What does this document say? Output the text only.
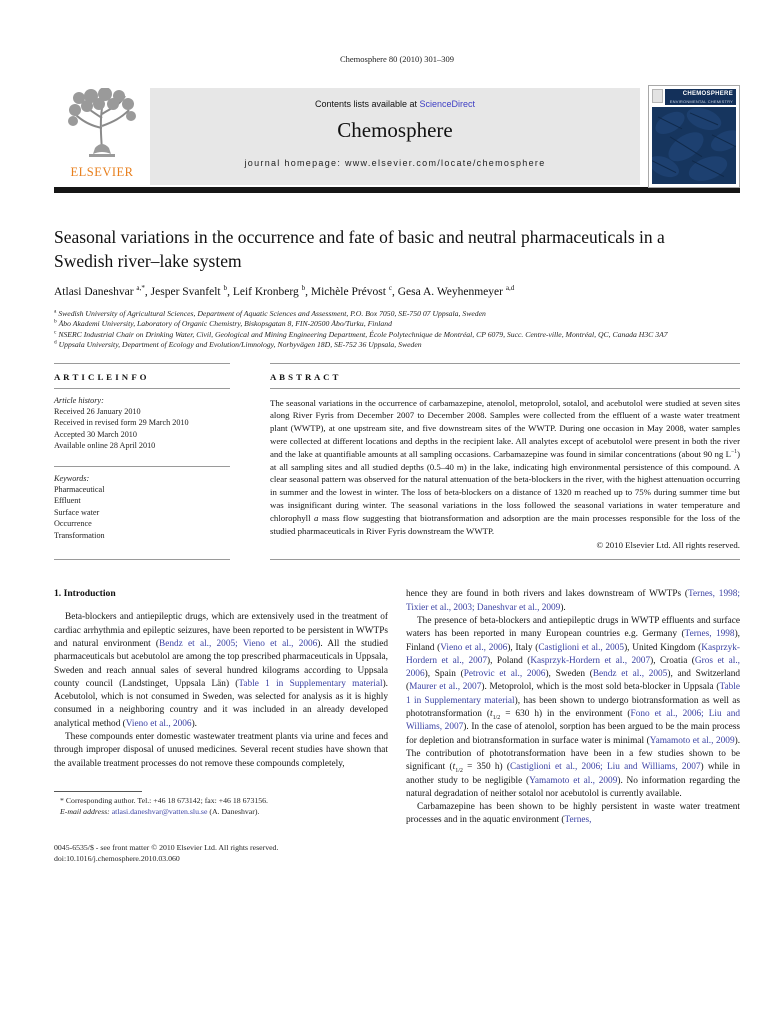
Chemosphere 80 (2010) 301–309
ELSEVIER
Contents lists available at ScienceDirect
Chemosphere
journal homepage: www.elsevier.com/locate/chemosphere
CHEMOSPHERE
ENVIRONMENTAL CHEMISTRY
Seasonal variations in the occurrence and fate of basic and neutral pharmaceuticals in a Swedish river–lake system
Atlasi Daneshvar $^{a,*}$, Jesper Svanfelt $^b$, Leif Kronberg $^b$, Michèle Prévost $^c$, Gesa A. Weyhenmeyer $^{a,d}$
$^a$ Swedish University of Agricultural Sciences, Department of Aquatic Sciences and Assessment, P.O. Box 7050, SE-750 07 Uppsala, Sweden
$^b$ Åbo Akademi University, Laboratory of Organic Chemistry, Biskopsgatan 8, FIN-20500 Åbo/Turku, Finland
$^c$ NSERC Industrial Chair on Drinking Water, Civil, Geological and Mining Engineering Department, École Polytechnique de Montréal, CP 6079, Succ. Centre-ville, Montréal, QC, Canada H3C 3A7
$^d$ Uppsala University, Department of Ecology and Evolution/Limnology, Norbyvägen 18D, SE-752 36 Uppsala, Sweden
A R T I C L E I N F O
Article history:
Received 26 January 2010
Received in revised form 29 March 2010
Accepted 30 March 2010
Available online 28 April 2010
Keywords:
Pharmaceutical
Effluent
Surface water
Occurrence
Transformation
A B S T R A C T
The seasonal variations in the occurrence of carbamazepine, atenolol, metoprolol, sotalol, and acebutolol were studied at seven sites along River Fyris from December 2007 to December 2008. Samples were collected from the effluent of a waste water treatment plant (WWTP), at one upstream site, and five downstream sites of the WWTP. During one occasion in May 2008, water samples were collected at different locations and depths in the recipient lake. All analytes except of acebutolol were present in both the river and the lake at quantifiable amounts at all sampling occasions. Carbamazepine was found in similar concentrations (about 90 ng $L^{-1}$) at all sampling sites and all studied depths (0.5–40 m) in the lake, indicating high environmental persistence of this compound. A clear seasonal pattern was observed for the natural attenuation of the beta-blockers in the river, with the highest attenuation occurring in summer and the lowest in winter. The loss of beta-blockers on a distance of 1320 m reached up to 75% during summer time but was insignificant during winter. The seasonal variations in the loss followed the seasonal variations in water temperature and chlorophyll a mass flow suggesting that biotransformation and adsorption are the main processes responsible for the loss of the studied pharmaceuticals in River Fyris downstream the WWTP.
© 2010 Elsevier Ltd. All rights reserved.
1. Introduction

Beta-blockers and antiepileptic drugs, which are extensively used in the treatment of cardiac arrhythmia and epileptic seizures, have been reported to be persistent in WWTPs and natural environment (Bendz et al., 2005; Vieno et al., 2006). All the studied pharmaceuticals but acebutolol are among the top prescribed pharmaceuticals in Uppsala, Sweden and reach annual sales of several hundred kilograms according to Uppsala county council (Landstinget, Uppsala Län) (Table 1 in Supplementary material). Acebutolol, which is not consumed in Sweden, was selected for analysis as it is highly consumed in a neighboring country and it was included in an already developed analytical method (Vieno et al., 2006).

These compounds enter domestic wastewater treatment plants via urine and feces and through improper disposal of unused medicines. Several recent studies have shown that the available treatment processes do not remove these compounds completely,

* Corresponding author. Tel.: +46 18 673142; fax: +46 18 673156.
E-mail address: atlasi.daneshvar@vatten.slu.se (A. Daneshvar).
0045-6535/$ - see front matter © 2010 Elsevier Ltd. All rights reserved.
doi:10.1016/j.chemosphere.2010.03.060

hence they are found in both rivers and lakes downstream of WWTPs (Ternes, 1998; Tixier et al., 2003; Daneshvar et al., 2009).

The presence of beta-blockers and antiepileptic drugs in WWTP effluents and surface waters has been reported in many European countries e.g. Germany (Ternes, 1998), Finland (Vieno et al., 2006), Italy (Castiglioni et al., 2005), United Kingdom (Kasprzyk-Hordern et al., 2007), Poland (Kasprzyk-Hordern et al., 2007), Croatia (Gros et al., 2006), Spain (Petrovic et al., 2006), Sweden (Bendz et al., 2005), and Switzerland (Maurer et al., 2007). Metoprolol, which is the most sold beta-blocker in Uppsala (Table 1 in Supplementary material), has been shown to undergo biotransformation as well as phototransformation ($t_{1/2} = 630$ h) in the environment (Fono et al., 2006; Liu and Williams, 2007). In the case of atenolol, sorption has been argued to be the main process for depletion and biotransformation in surface water is minimal (Yamamoto et al., 2009). The contribution of phototransformation have been in a few studies shown to be significant ($t_{1/2} = 350$ h) (Castiglioni et al., 2006; Liu and Williams, 2007) while in another study to be negligible (Yamamoto et al., 2009). No information regarding the natural degradation of neither sotalol nor acebutolol is currently available.

Carbamazepine has been shown to be highly persistent in waste water treatment processes and in the aquatic environment (Ternes,
